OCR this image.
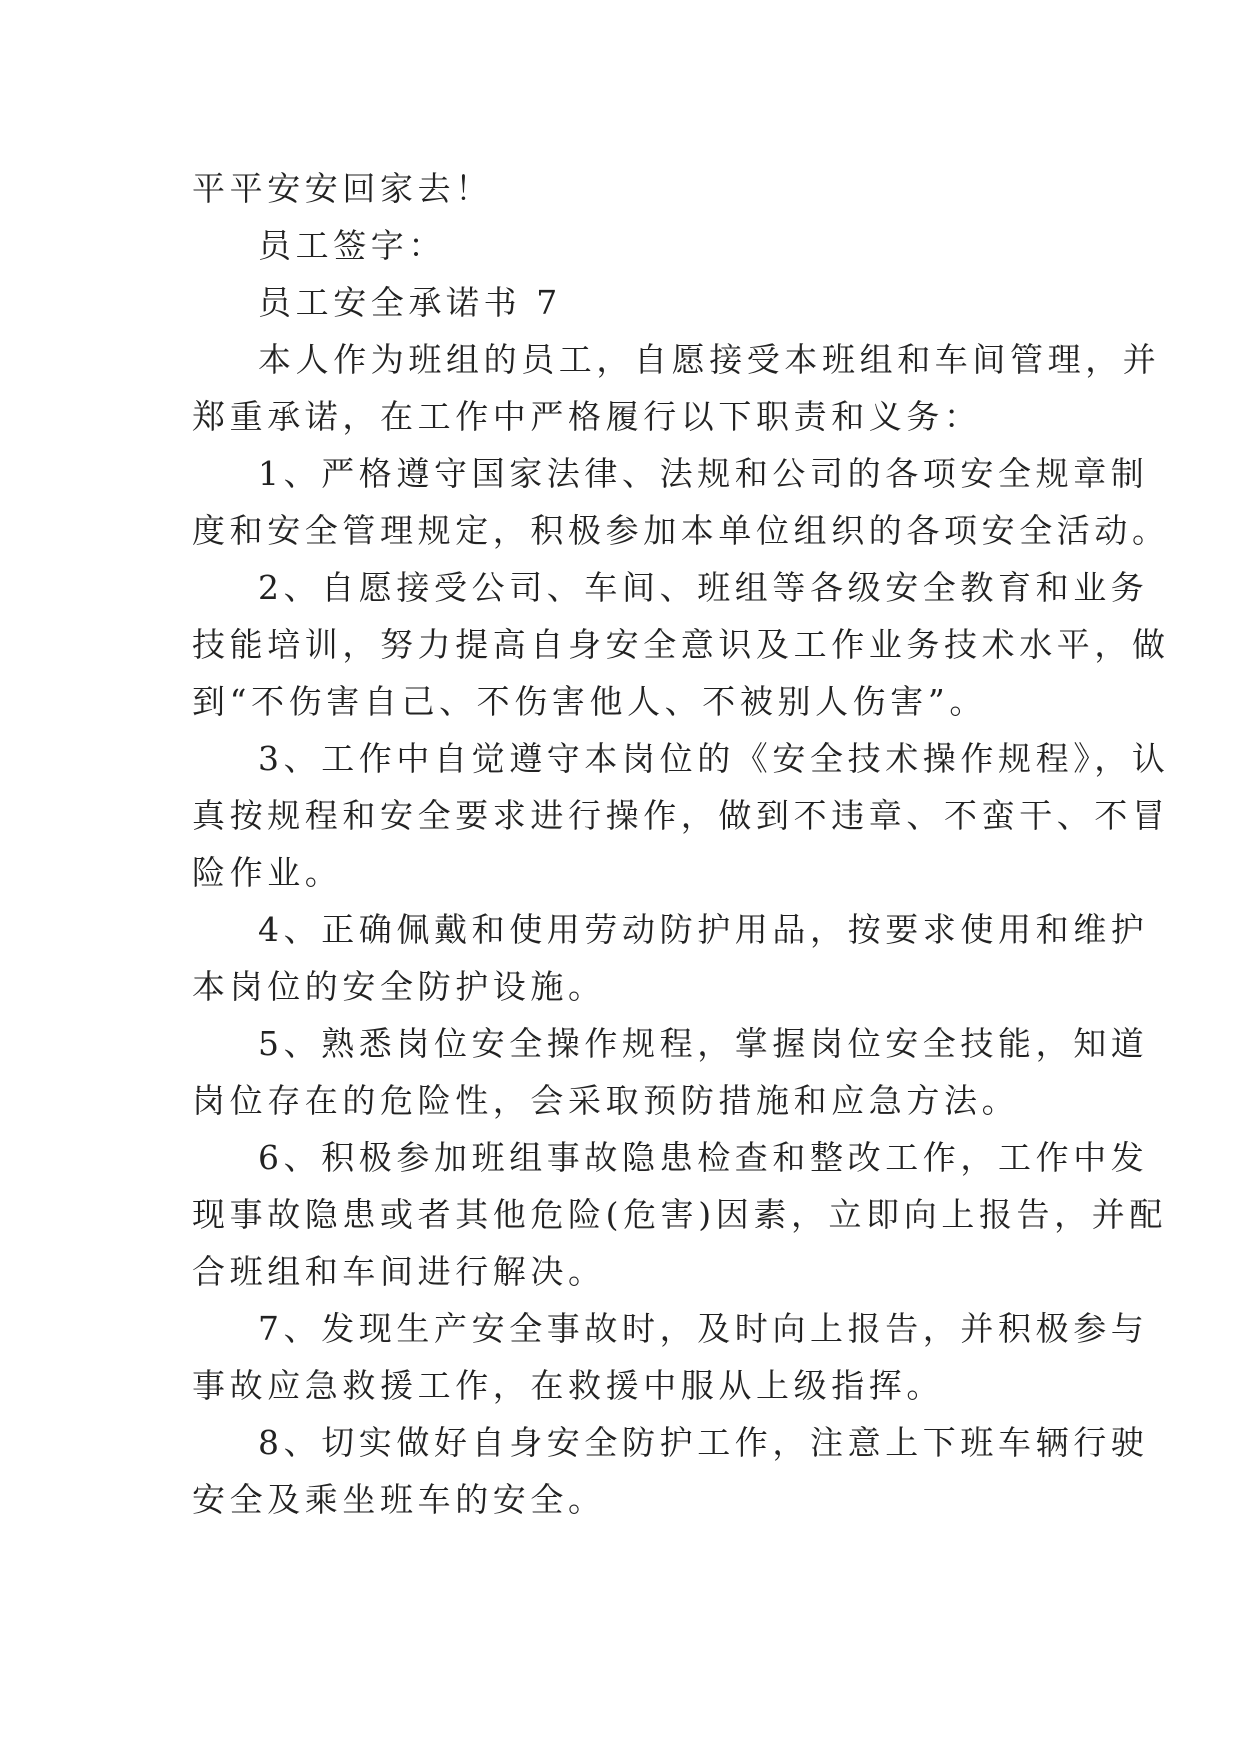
平平安安回家去！
员工签字：
员工安全承诺书 7
本人作为班组的员工，自愿接受本班组和车间管理，并
郑重承诺，在工作中严格履行以下职责和义务：
1、严格遵守国家法律、法规和公司的各项安全规章制
度和安全管理规定，积极参加本单位组织的各项安全活动。
2、自愿接受公司、车间、班组等各级安全教育和业务
技能培训，努力提高自身安全意识及工作业务技术水平，做
到“不伤害自己、不伤害他人、不被别人伤害”。
3、工作中自觉遵守本岗位的《安全技术操作规程》，认
真按规程和安全要求进行操作，做到不违章、不蛮干、不冒
险作业。
4、正确佩戴和使用劳动防护用品，按要求使用和维护
本岗位的安全防护设施。
5、熟悉岗位安全操作规程，掌握岗位安全技能，知道
岗位存在的危险性，会采取预防措施和应急方法。
6、积极参加班组事故隐患检查和整改工作，工作中发
现事故隐患或者其他危险(危害)因素，立即向上报告，并配
合班组和车间进行解决。
7、发现生产安全事故时，及时向上报告，并积极参与
事故应急救援工作，在救援中服从上级指挥。
8、切实做好自身安全防护工作，注意上下班车辆行驶
安全及乘坐班车的安全。
